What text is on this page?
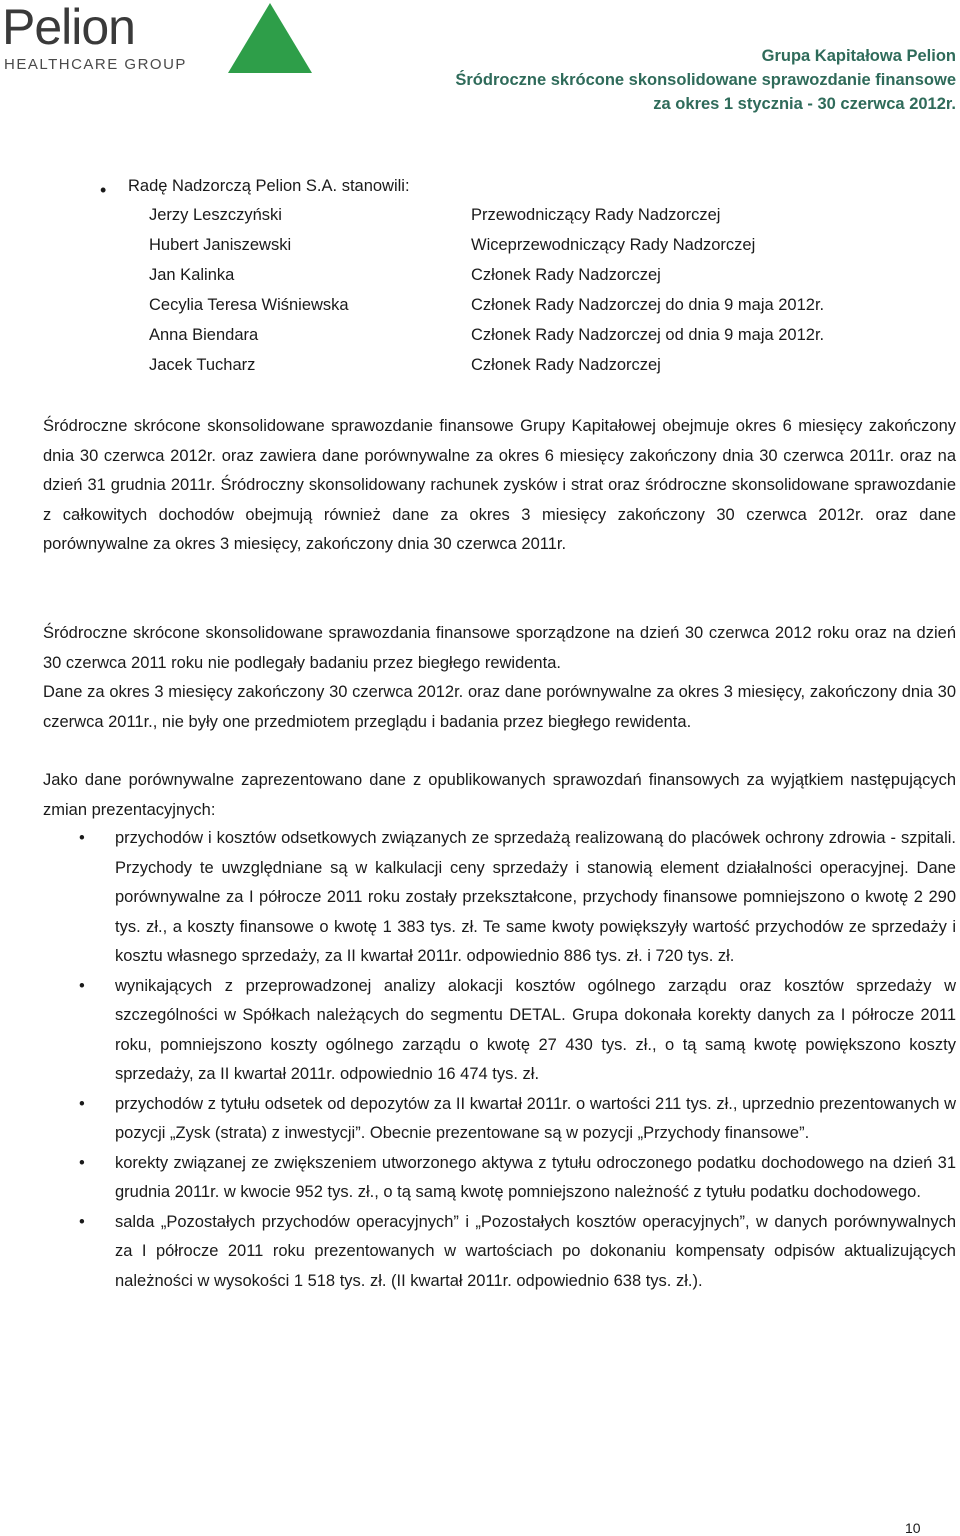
Pelion
HEALTHCARE GROUP	Grupa Kapitałowa Pelion
Śródroczne skrócone skonsolidowane sprawozdanie finansowe
za okres 1 stycznia - 30 czerwca 2012r.
• Radę Nadzorczą Pelion S.A. stanowili:
Jerzy Leszczyński	Przewodniczący Rady Nadzorczej
Hubert Janiszewski	Wiceprzewodniczący Rady Nadzorczej
Jan Kalinka	Członek Rady Nadzorczej
Cecylia Teresa Wiśniewska	Członek Rady Nadzorczej do dnia 9 maja 2012r.
Anna Biendara	Członek Rady Nadzorczej od dnia 9 maja 2012r.
Jacek Tucharz	Członek Rady Nadzorczej

Śródroczne skrócone skonsolidowane sprawozdanie finansowe Grupy Kapitałowej obejmuje okres 6 miesięcy zakończony dnia 30 czerwca 2012r. oraz zawiera dane porównywalne za okres 6 miesięcy zakończony dnia 30 czerwca 2011r. oraz na dzień 31 grudnia 2011r. Śródroczny skonsolidowany rachunek zysków i strat oraz śródroczne skonsolidowane sprawozdanie z całkowitych dochodów obejmują również dane za okres 3 miesięcy zakończony 30 czerwca 2012r. oraz dane porównywalne za okres 3 miesięcy, zakończony dnia 30 czerwca 2011r.

Śródroczne skrócone skonsolidowane sprawozdania finansowe sporządzone na dzień 30 czerwca 2012 roku oraz na dzień 30 czerwca 2011 roku nie podlegały badaniu przez biegłego rewidenta.
Dane za okres 3 miesięcy zakończony 30 czerwca 2012r. oraz dane porównywalne za okres 3 miesięcy, zakończony dnia 30 czerwca 2011r., nie były one przedmiotem przeglądu i badania przez biegłego rewidenta.

Jako dane porównywalne zaprezentowano dane z opublikowanych sprawozdań finansowych za wyjątkiem następujących zmian prezentacyjnych:

• przychodów i kosztów odsetkowych związanych ze sprzedażą realizowaną do placówek ochrony zdrowia - szpitali. Przychody te uwzględniane są w kalkulacji ceny sprzedaży i stanowią element działalności operacyjnej. Dane porównywalne za I półrocze 2011 roku zostały przekształcone, przychody finansowe pomniejszono o kwotę 2 290 tys. zł., a koszty finansowe o kwotę 1 383 tys. zł. Te same kwoty powiększyły wartość przychodów ze sprzedaży i kosztu własnego sprzedaży, za II kwartał 2011r. odpowiednio 886 tys. zł. i 720 tys. zł.
• wynikających z przeprowadzonej analizy alokacji kosztów ogólnego zarządu oraz kosztów sprzedaży w szczególności w Spółkach należących do segmentu DETAL. Grupa dokonała korekty danych za I półrocze 2011 roku, pomniejszono koszty ogólnego zarządu o kwotę 27 430 tys. zł., o tą samą kwotę powiększono koszty sprzedaży, za II kwartał 2011r. odpowiednio 16 474 tys. zł.
• przychodów z tytułu odsetek od depozytów za II kwartał 2011r. o wartości 211 tys. zł., uprzednio prezentowanych w pozycji „Zysk (strata) z inwestycji”. Obecnie prezentowane są w pozycji „Przychody finansowe”.
• korekty związanej ze zwiększeniem utworzonego aktywa z tytułu odroczonego podatku dochodowego na dzień 31 grudnia 2011r. w kwocie 952 tys. zł., o tą samą kwotę pomniejszono należność z tytułu podatku dochodowego.
• salda „Pozostałych przychodów operacyjnych” i „Pozostałych kosztów operacyjnych”, w danych porównywalnych za I półrocze 2011 roku prezentowanych w wartościach po dokonaniu kompensaty odpisów aktualizujących należności w wysokości 1 518 tys. zł. (II kwartał 2011r. odpowiednio 638 tys. zł.).
10
